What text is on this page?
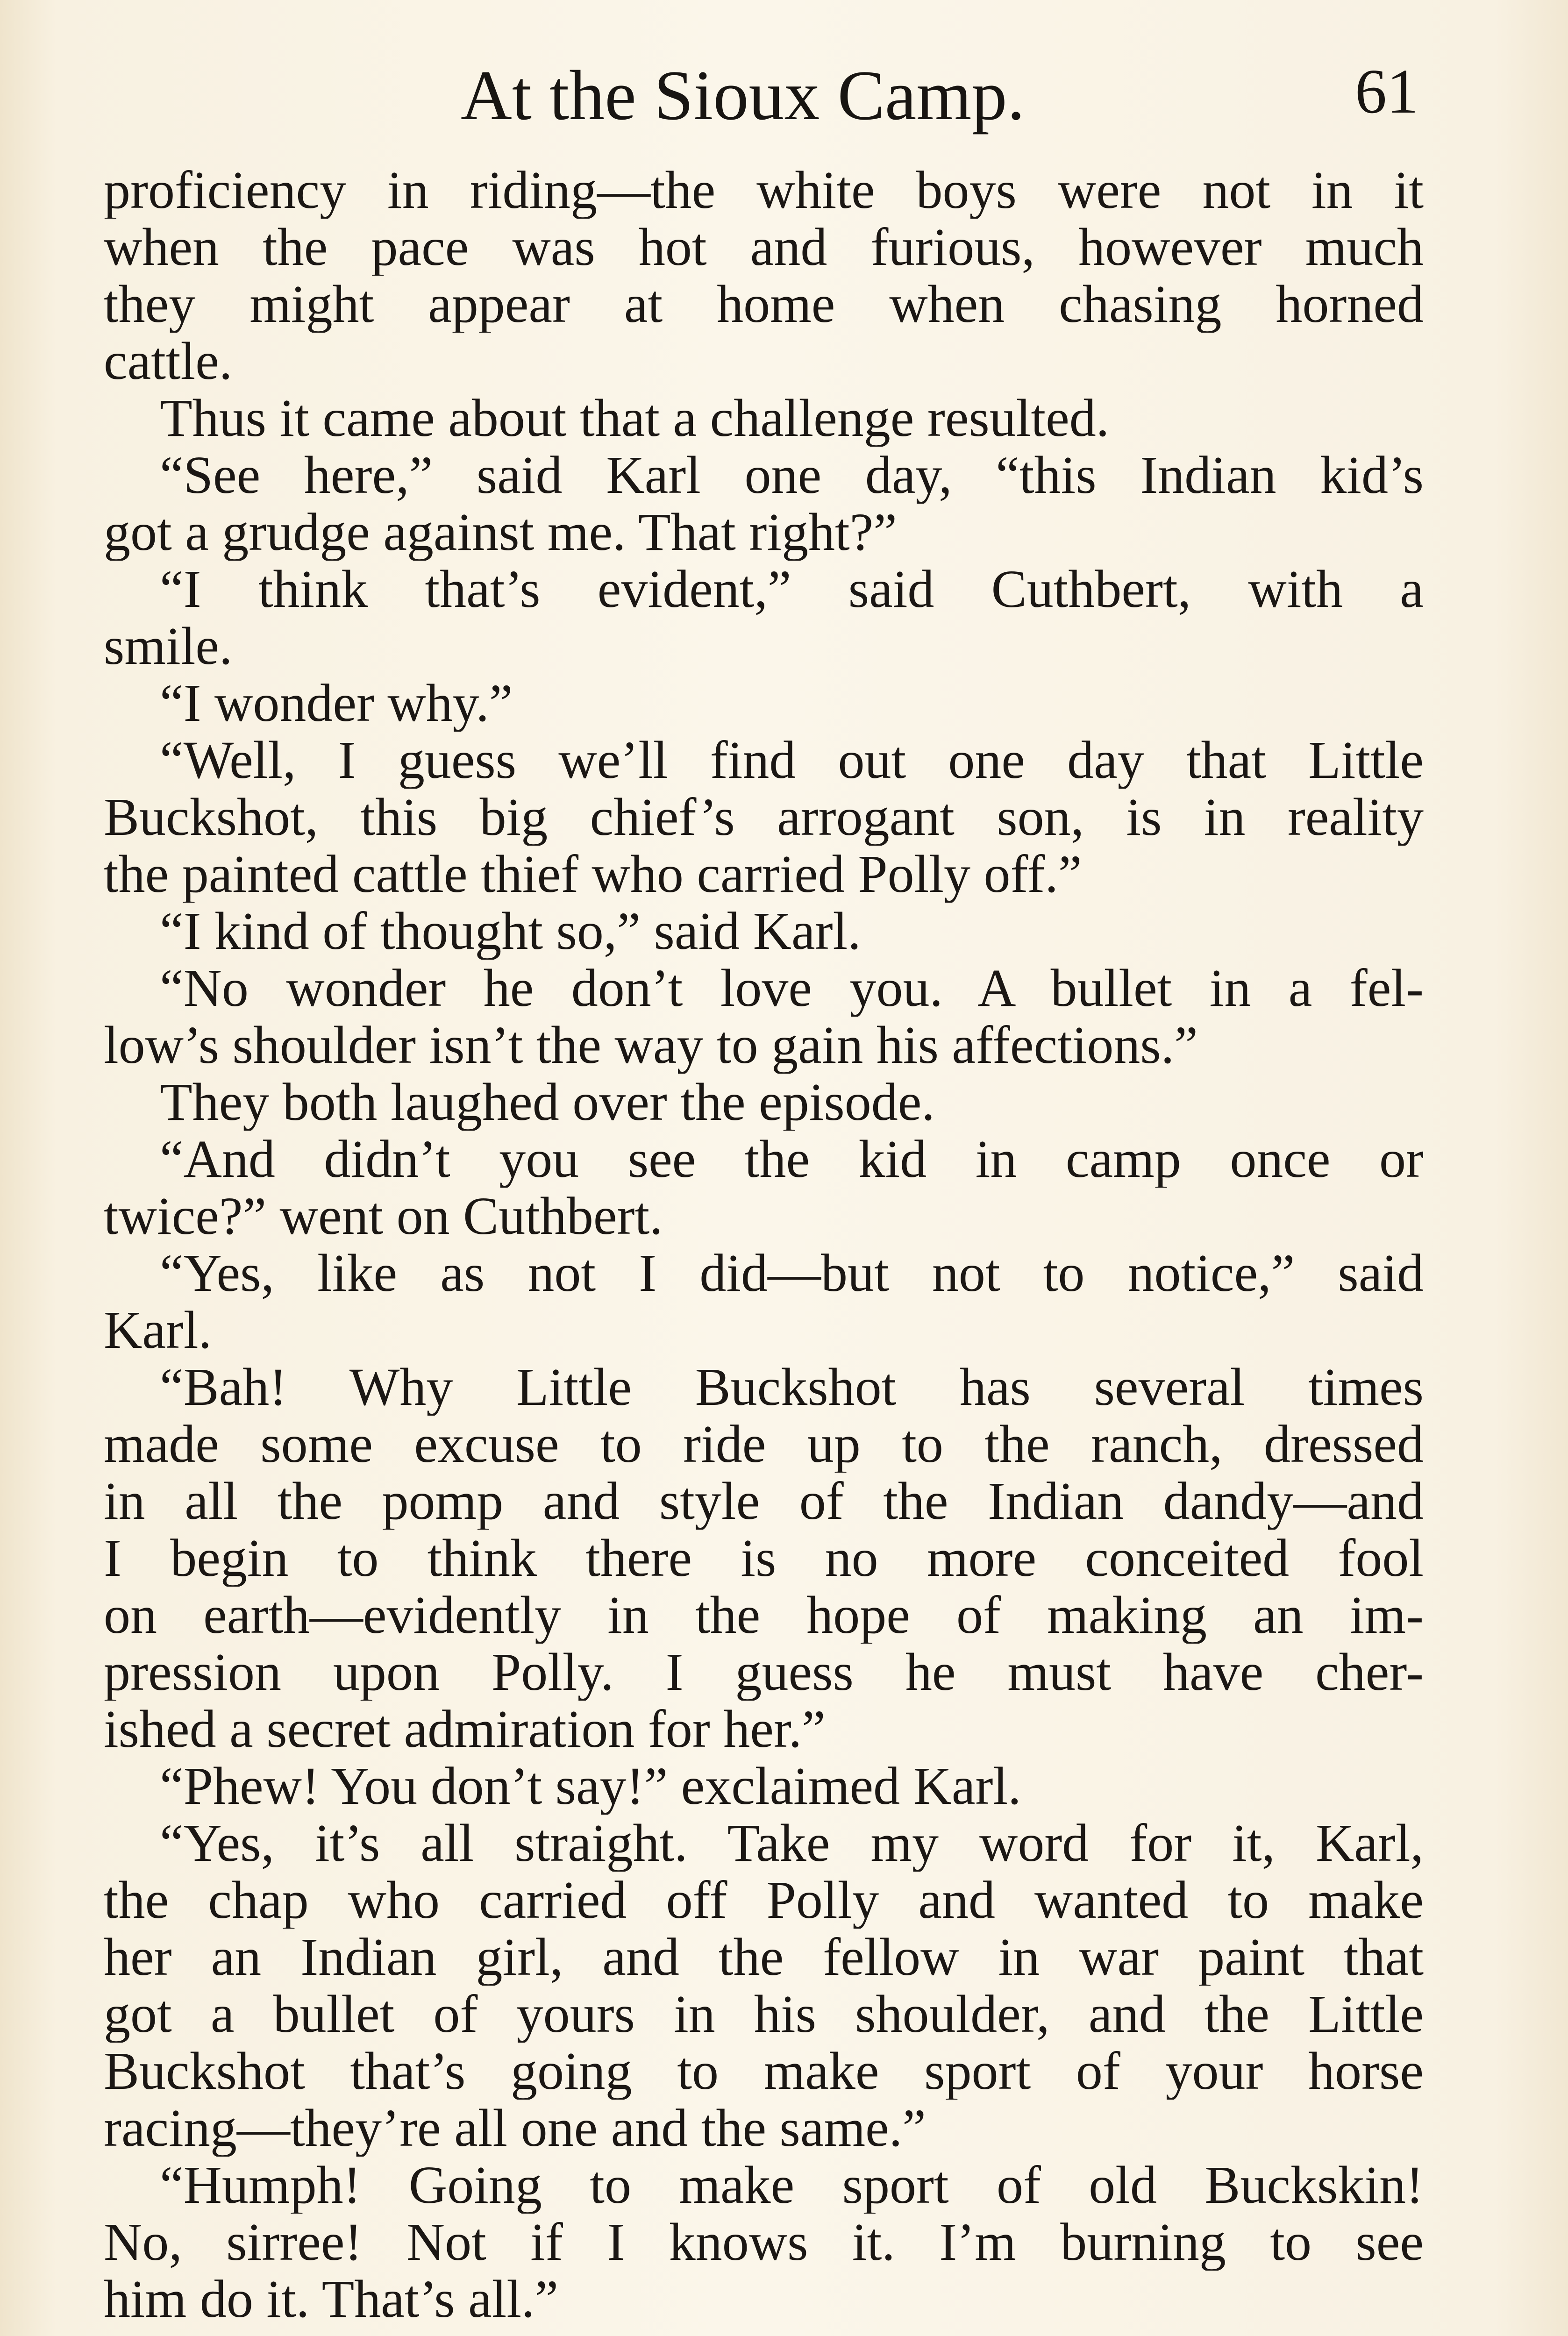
At the Sioux Camp.	61
proficiency in riding—the white boys were not in it
when the pace was hot and furious, however much
they might appear at home when chasing horned
cattle.
Thus it came about that a challenge resulted.
“See here,” said Karl one day, “this Indian kid’s
got a grudge against me. That right?”
“I think that’s evident,” said Cuthbert, with a
smile.
“I wonder why.”
“Well, I guess we’ll find out one day that Little
Buckshot, this big chief’s arrogant son, is in reality
the painted cattle thief who carried Polly off.”
“I kind of thought so,” said Karl.
“No wonder he don’t love you. A bullet in a fel-
low’s shoulder isn’t the way to gain his affections.”
They both laughed over the episode.
“And didn’t you see the kid in camp once or
twice?” went on Cuthbert.
“Yes, like as not I did—but not to notice,” said
Karl.
“Bah! Why Little Buckshot has several times
made some excuse to ride up to the ranch, dressed
in all the pomp and style of the Indian dandy—and
I begin to think there is no more conceited fool
on earth—evidently in the hope of making an im-
pression upon Polly. I guess he must have cher-
ished a secret admiration for her.”
“Phew! You don’t say!” exclaimed Karl.
“Yes, it’s all straight. Take my word for it, Karl,
the chap who carried off Polly and wanted to make
her an Indian girl, and the fellow in war paint that
got a bullet of yours in his shoulder, and the Little
Buckshot that’s going to make sport of your horse
racing—they’re all one and the same.”
“Humph! Going to make sport of old Buckskin!
No, sirree! Not if I knows it. I’m burning to see
him do it. That’s all.”
